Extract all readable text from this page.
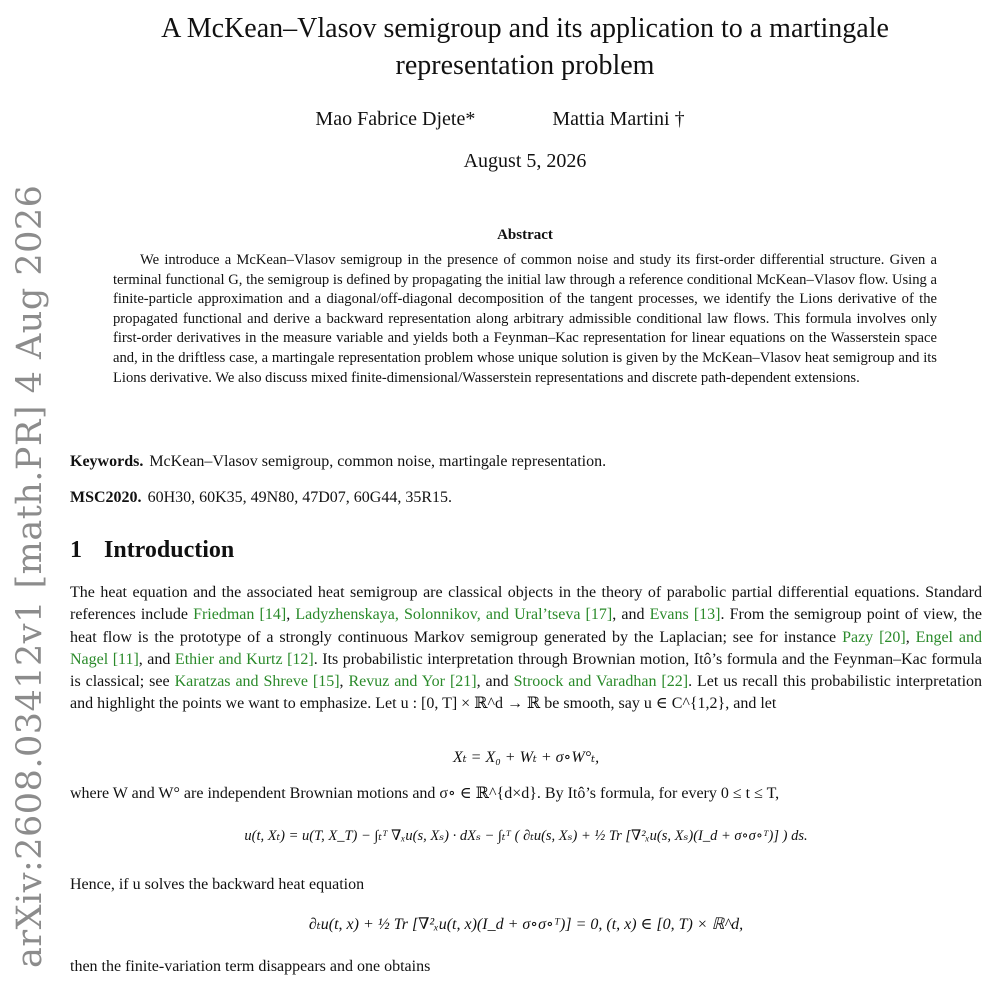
arXiv:2608.03412v1 [math.PR] 4 Aug 2026
A McKean–Vlasov semigroup and its application to a martingale representation problem
Mao Fabrice Djete*	Mattia Martini †
August 5, 2026
Abstract
We introduce a McKean–Vlasov semigroup in the presence of common noise and study its first-order differential structure. Given a terminal functional G, the semigroup is defined by propagating the initial law through a reference conditional McKean–Vlasov flow. Using a finite-particle approximation and a diagonal/off-diagonal decomposition of the tangent processes, we identify the Lions derivative of the propagated functional and derive a backward representation along arbitrary admissible conditional law flows. This formula involves only first-order derivatives in the measure variable and yields both a Feynman–Kac representation for linear equations on the Wasserstein space and, in the driftless case, a martingale representation problem whose unique solution is given by the McKean–Vlasov heat semigroup and its Lions derivative. We also discuss mixed finite-dimensional/Wasserstein representations and discrete path-dependent extensions.
Keywords. McKean–Vlasov semigroup, common noise, martingale representation.
MSC2020. 60H30, 60K35, 49N80, 47D07, 60G44, 35R15.
1 Introduction
The heat equation and the associated heat semigroup are classical objects in the theory of parabolic partial differential equations. Standard references include Friedman [14], Ladyzhenskaya, Solonnikov, and Ural’tseva [17], and Evans [13]. From the semigroup point of view, the heat flow is the prototype of a strongly continuous Markov semigroup generated by the Laplacian; see for instance Pazy [20], Engel and Nagel [11], and Ethier and Kurtz [12]. Its probabilistic interpretation through Brownian motion, Itô’s formula and the Feynman–Kac formula is classical; see Karatzas and Shreve [15], Revuz and Yor [21], and Stroock and Varadhan [22]. Let us recall this probabilistic interpretation and highlight the points we want to emphasize. Let u : [0, T] × ℝ^d → ℝ be smooth, say u ∈ C^{1,2}, and let
Xₜ = X₀ + Wₜ + σ∘W°ₜ,
where W and W° are independent Brownian motions and σ∘ ∈ ℝ^{d×d}. By Itô’s formula, for every 0 ≤ t ≤ T,
u(t, Xₜ) = u(T, X_T) − ∫ₜᵀ ∇ₓu(s, Xₛ) · dXₛ − ∫ₜᵀ ( ∂ₜu(s, Xₛ) + ½ Tr [∇²ₓu(s, Xₛ)(I_d + σ∘σ∘ᵀ)] ) ds.
Hence, if u solves the backward heat equation
∂ₜu(t, x) + ½ Tr [∇²ₓu(t, x)(I_d + σ∘σ∘ᵀ)] = 0, (t, x) ∈ [0, T) × ℝ^d,
then the finite-variation term disappears and one obtains
